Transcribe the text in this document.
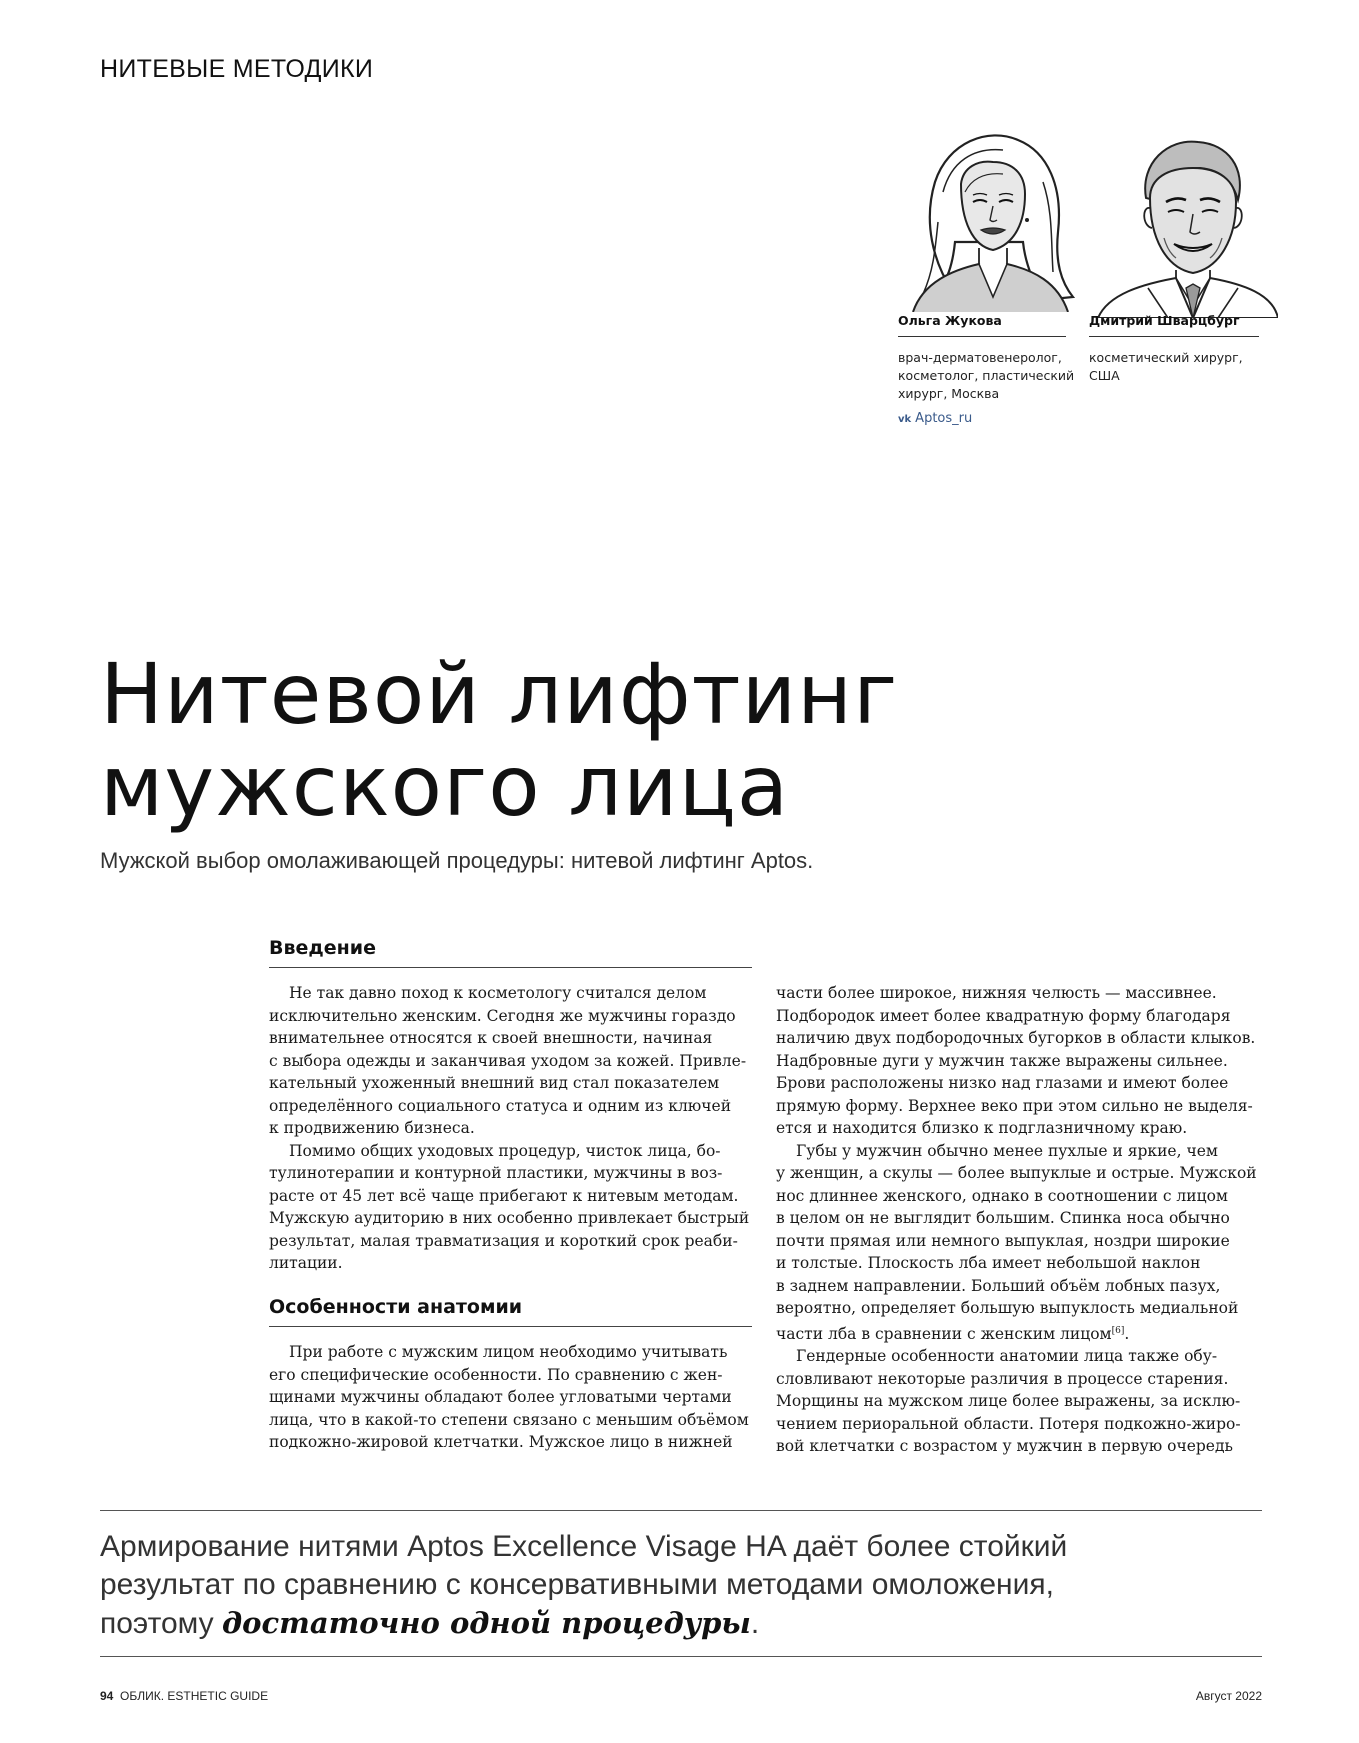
НИТЕВЫЕ МЕТОДИКИ
Ольга Жукова
врач-дерматовенеролог,
косметолог, пластический
хирург, Москва
vk Aptos_ru
Дмитрий Шварцбург
косметический хирург,
США
Нитевой лифтинг
мужского лица
Мужской выбор омолаживающей процедуры: нитевой лифтинг Aptos.
Введение

Не так давно поход к косметологу считался делом

исключительно женским. Сегодня же мужчины гораздо

внимательнее относятся к своей внешности, начиная

с выбора одежды и заканчивая уходом за кожей. Привле-

кательный ухоженный внешний вид стал показателем

определённого социального статуса и одним из ключей

к продвижению бизнеса.

Помимо общих уходовых процедур, чисток лица, бо-

тулинотерапии и контурной пластики, мужчины в воз-

расте от 45 лет всё чаще прибегают к нитевым методам.

Мужскую аудиторию в них особенно привлекает быстрый

результат, малая травматизация и короткий срок реаби-

литации.

Особенности анатомии

При работе с мужским лицом необходимо учитывать

его специфические особенности. По сравнению с жен-

щинами мужчины обладают более угловатыми чертами

лица, что в какой-то степени связано с меньшим объёмом

подкожно-жировой клетчатки. Мужское лицо в нижней

части более широкое, нижняя челюсть — массивнее.

Подбородок имеет более квадратную форму благодаря

наличию двух подбородочных бугорков в области клыков.

Надбровные дуги у мужчин также выражены сильнее.

Брови расположены низко над глазами и имеют более

прямую форму. Верхнее веко при этом сильно не выделя-

ется и находится близко к подглазничному краю.

Губы у мужчин обычно менее пухлые и яркие, чем

у женщин, а скулы — более выпуклые и острые. Мужской

нос длиннее женского, однако в соотношении с лицом

в целом он не выглядит большим. Спинка носа обычно

почти прямая или немного выпуклая, ноздри широкие

и толстые. Плоскость лба имеет небольшой наклон

в заднем направлении. Больший объём лобных пазух,

вероятно, определяет большую выпуклость медиальной

части лба в сравнении с женским лицом[6].

Гендерные особенности анатомии лица также обу-

словливают некоторые различия в процессе старения.

Морщины на мужском лице более выражены, за исклю-

чением периоральной области. Потеря подкожно-жиро-

вой клетчатки с возрастом у мужчин в первую очередь

Армирование нитями Aptos Excellence Visage HA даёт более стойкий
результат по сравнению с консервативными методами омоложения,
поэтому достаточно одной процедуры.
94 ОБЛИК. ESTHETIC GUIDE	Август 2022
